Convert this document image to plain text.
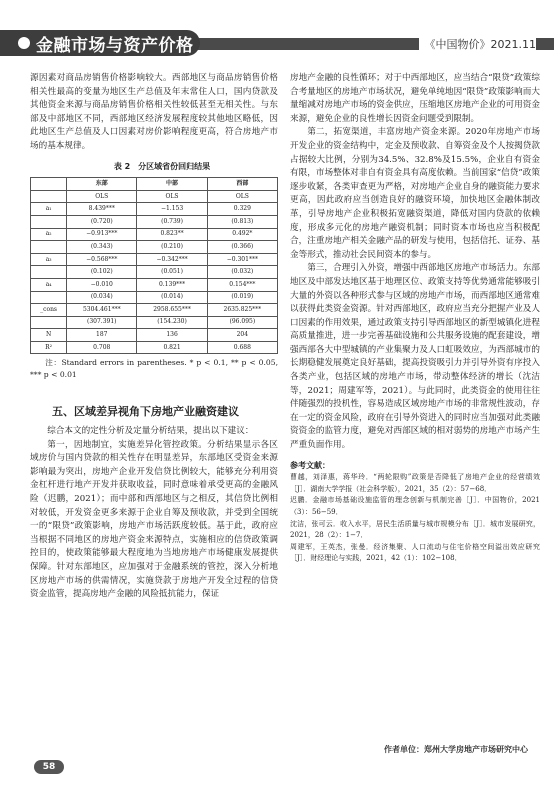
金融市场与资产价格	《中国物价》2021.11

源因素对商品房销售价格影响较大。西部地区与商品房销售价格相关性最高的变量为地区生产总值及年末常住人口，国内贷款及其他资金来源与商品房销售价格相关性较低甚至无相关性。与东部及中部地区不同，西部地区经济发展程度较其他地区略低，因此地区生产总值及人口因素对房价影响程度更高，符合房地产市场的基本规律。

表 2　分区域省份回归结果

	东部	中部	西部
	OLS	OLS	OLS
a₁	8.439***	−1.153	0.329
	(0.720)	(0.739)	(0.813)
a₂	−0.913***	0.823**	0.492*
	(0.343)	(0.210)	(0.366)
a₃	−0.568***	−0.342***	−0.301***
	(0.102)	(0.051)	(0.032)
a₄	−0.010	0.139***	0.154***
	(0.034)	(0.014)	(0.019)
_cons	5304.461***	2958.655***	2635.825***
	(307.391)	(154.230)	(96.095)
N	187	136	204
R²	0.708	0.821	0.688

注：Standard errors in parentheses. * p < 0.1, ** p < 0.05, *** p < 0.01

五、区域差异视角下房地产业融资建议

综合本文的定性分析及定量分析结果，提出以下建议：

第一，因地制宜，实施差异化管控政策。分析结果显示各区域房价与国内贷款的相关性存在明显差异，东部地区受资金来源影响最为突出，房地产企业开发信贷比例较大，能够充分利用资金杠杆进行地产开发并获取收益，同时意味着承受更高的金融风险（迟鹏，2021）；而中部和西部地区与之相反，其信贷比例相对较低，开发资金更多来源于企业自筹及预收款，并受到全国统一的“限贷”政策影响，房地产市场活跃度较低。基于此，政府应当根据不同地区的房地产资金来源特点，实施相应的信贷政策调控目的，使政策能够最大程度地为当地房地产市场健康发展提供保障。针对东部地区，应加强对于金融系统的管控，深入分析地区房地产市场的供需情况，实施贷款于房地产开发全过程的信贷资金监管，提高房地产金融的风险抵抗能力，保证

房地产金融的良性循环；对于中西部地区，应当结合“限贷”政策综合考量地区的房地产市场状况，避免单纯地因“限贷”政策影响而大量缩减对房地产市场的资金供应，压缩地区房地产企业的可用资金来源，避免企业的良性增长因资金问题受到限制。

第二，拓宽渠道，丰富房地产资金来源。2020年房地产市场开发企业的资金结构中，定金及预收款、自筹资金及个人按揭贷款占据较大比例，分别为34.5%、32.8%及15.5%，企业自有资金有限，市场整体对非自有资金具有高度依赖。当前国家“信贷”政策逐步收紧，各类审查更为严格，对房地产企业自身的融资能力要求更高，因此政府应当创造良好的融资环境，加快地区金融体制改革，引导房地产企业积极拓宽融资渠道，降低对国内贷款的依赖度，形成多元化的房地产融资机制；同时资本市场也应当积极配合，注重房地产相关金融产品的研发与使用，包括信托、证券、基金等形式，推动社会民间资本的参与。

第三，合理引入外资，增强中西部地区房地产市场活力。东部地区及中部发达地区基于地理区位、政策支持等优势通常能够吸引大量的外资以各种形式参与区域的房地产市场，而西部地区通常难以获得此类资金资源。针对西部地区，政府应当充分把握产业及人口因素的作用效果，通过政策支持引导西部地区的新型城镇化进程高质量推进，进一步完善基础设施和公共服务设施的配套建设，增强西部各大中型城镇的产业集聚力及人口虹吸效应，为西部城市的长期稳健发展奠定良好基础，提高投资吸引力并引导外资有序投入各类产业，包括区域的房地产市场，带动整体经济的增长（沈洁等，2021；周建军等，2021）。与此同时，此类资金的使用往往伴随强烈的投机性，容易造成区域房地产市场的非常规性波动，存在一定的资金风险，政府在引导外资进入的同时应当加强对此类融资资金的监管力度，避免对西部区域的相对弱势的房地产市场产生严重负面作用。

参考文献：

曹越，刘泽惠，蒋华玲．“两轮限购”政策是否降低了房地产企业的经营绩效［J］．湖南大学学报（社会科学版），2021，35（2）：57−68．

迟鹏．金融市场基础设施监管的理念创新与机制完善［J］．中国物价，2021（3）：56−59．

沈洁，张可云．收入水平，居民生活质量与城市规模分布［J］．城市发展研究，2021，28（2）：1−7．

周建军，王英杰，张曼．经济集聚、人口流动与住宅价格空间溢出效应研究［J］．财经理论与实践，2021，42（1）：102−108．

作者单位：郑州大学房地产市场研究中心
58
